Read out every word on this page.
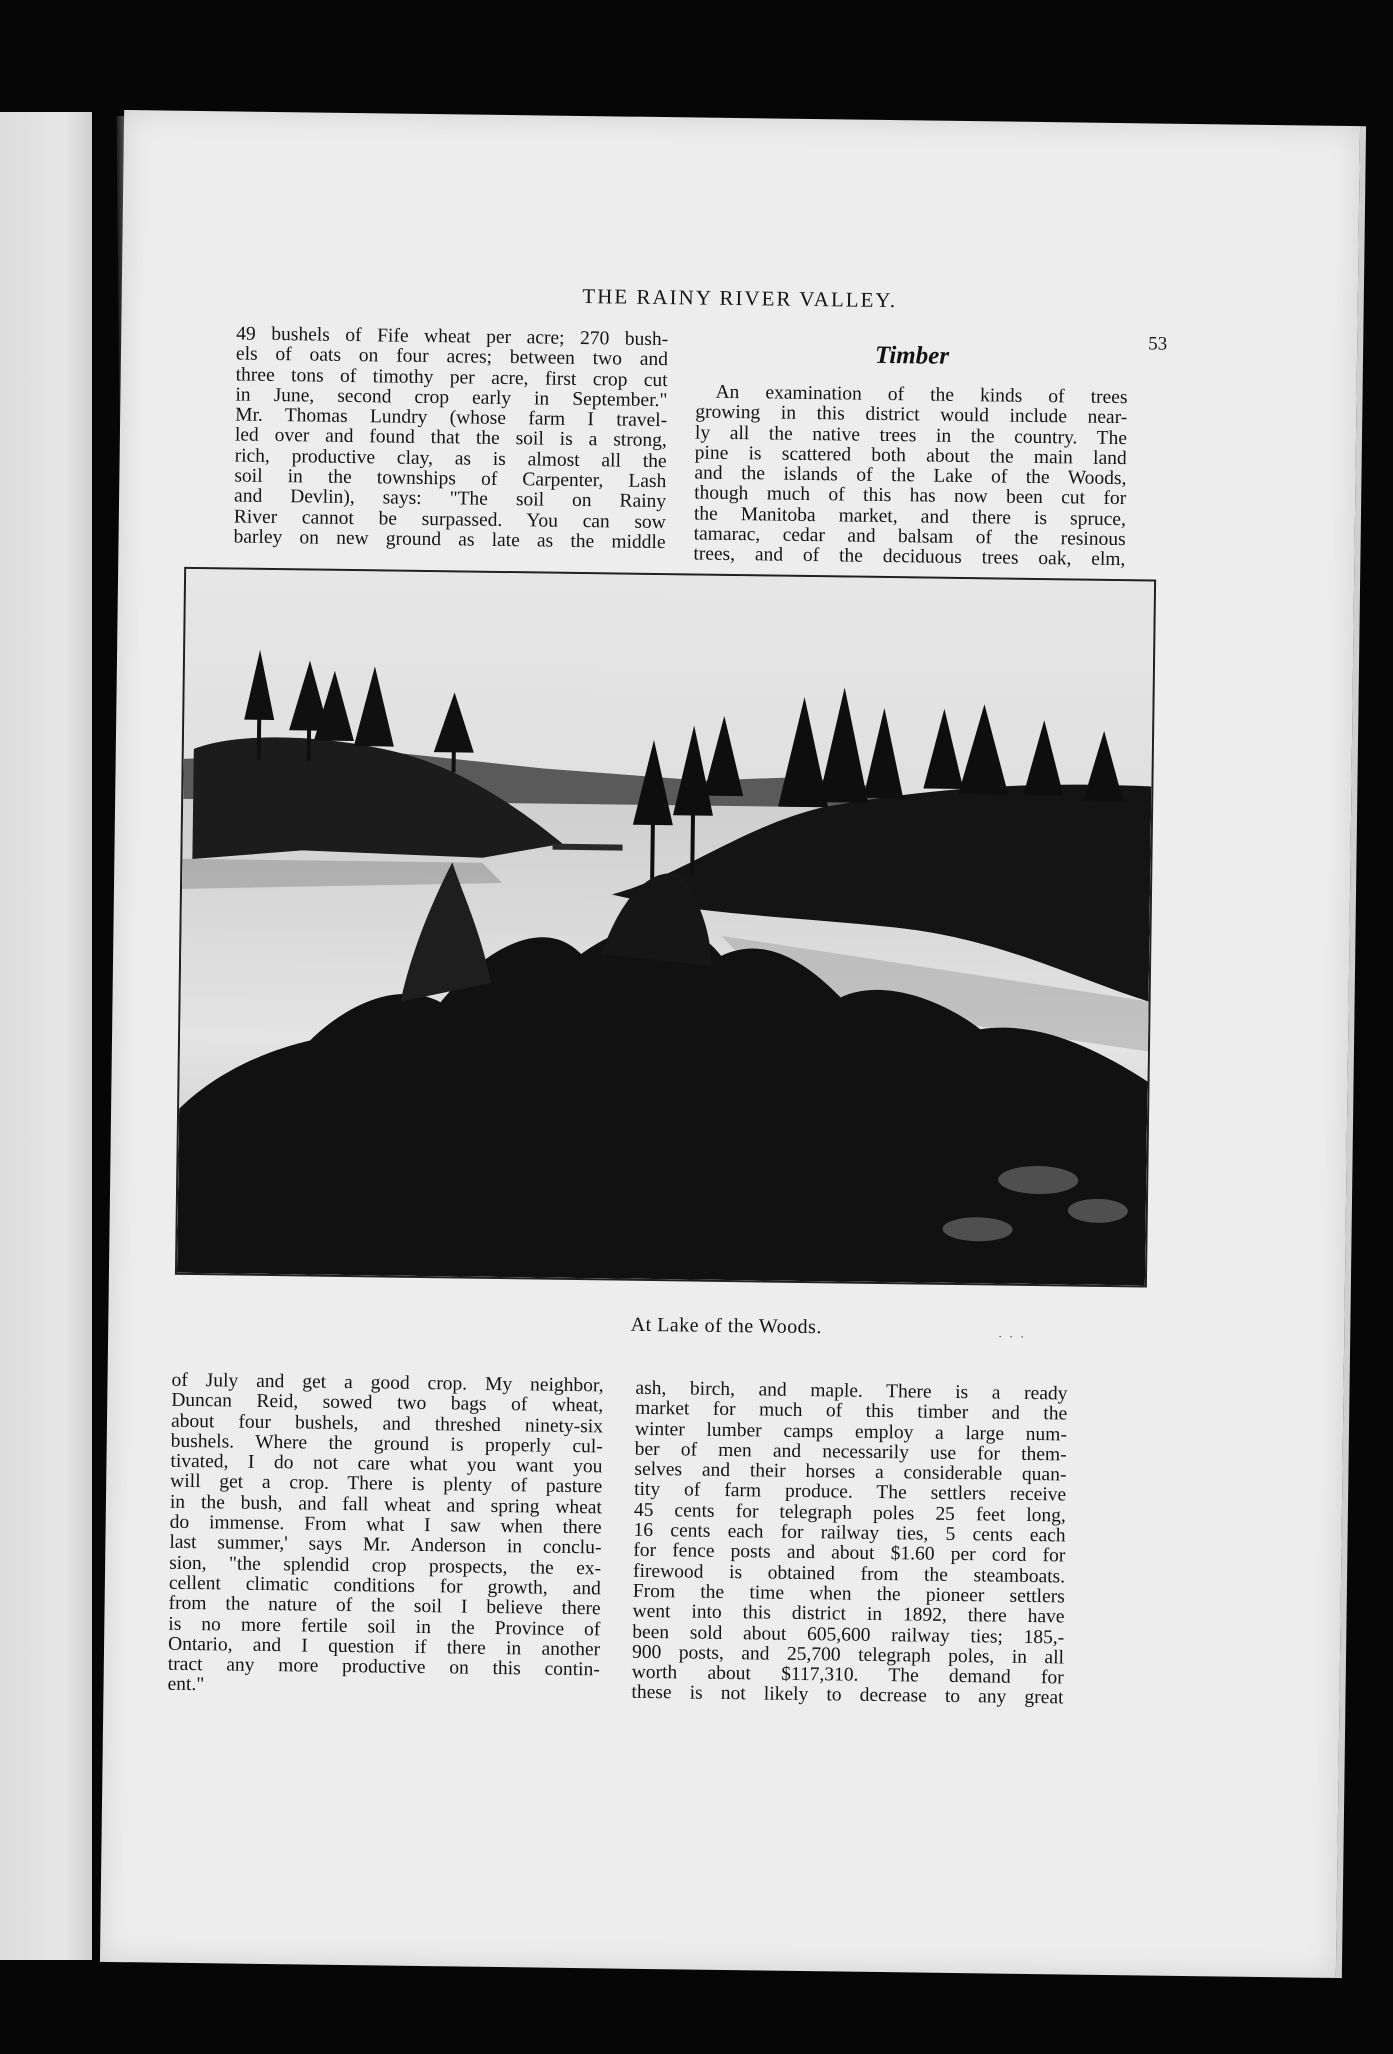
THE RAINY RIVER VALLEY.
53
49 bushels of Fife wheat per acre; 270 bush-
els of oats on four acres; between two and
three tons of timothy per acre, first crop cut
in June, second crop early in September."
Mr. Thomas Lundry (whose farm I travel-
led over and found that the soil is a strong,
rich, productive clay, as is almost all the
soil in the townships of Carpenter, Lash
and Devlin), says: "The soil on Rainy
River cannot be surpassed. You can sow
barley on new ground as late as the middle
Timber
An examination of the kinds of trees
growing in this district would include near-
ly all the native trees in the country. The
pine is scattered both about the main land
and the islands of the Lake of the Woods,
though much of this has now been cut for
the Manitoba market, and there is spruce,
tamarac, cedar and balsam of the resinous
trees, and of the deciduous trees oak, elm,
At Lake of the Woods.	· · ·
of July and get a good crop. My neighbor,
Duncan Reid, sowed two bags of wheat,
about four bushels, and threshed ninety-six
bushels. Where the ground is properly cul-
tivated, I do not care what you want you
will get a crop. There is plenty of pasture
in the bush, and fall wheat and spring wheat
do immense. From what I saw when there
last summer,' says Mr. Anderson in conclu-
sion, "the splendid crop prospects, the ex-
cellent climatic conditions for growth, and
from the nature of the soil I believe there
is no more fertile soil in the Province of
Ontario, and I question if there in another
tract any more productive on this contin-
ent."
ash, birch, and maple. There is a ready
market for much of this timber and the
winter lumber camps employ a large num-
ber of men and necessarily use for them-
selves and their horses a considerable quan-
tity of farm produce. The settlers receive
45 cents for telegraph poles 25 feet long,
16 cents each for railway ties, 5 cents each
for fence posts and about $1.60 per cord for
firewood is obtained from the steamboats.
From the time when the pioneer settlers
went into this district in 1892, there have
been sold about 605,600 railway ties; 185,-
900 posts, and 25,700 telegraph poles, in all
worth about $117,310. The demand for
these is not likely to decrease to any great
